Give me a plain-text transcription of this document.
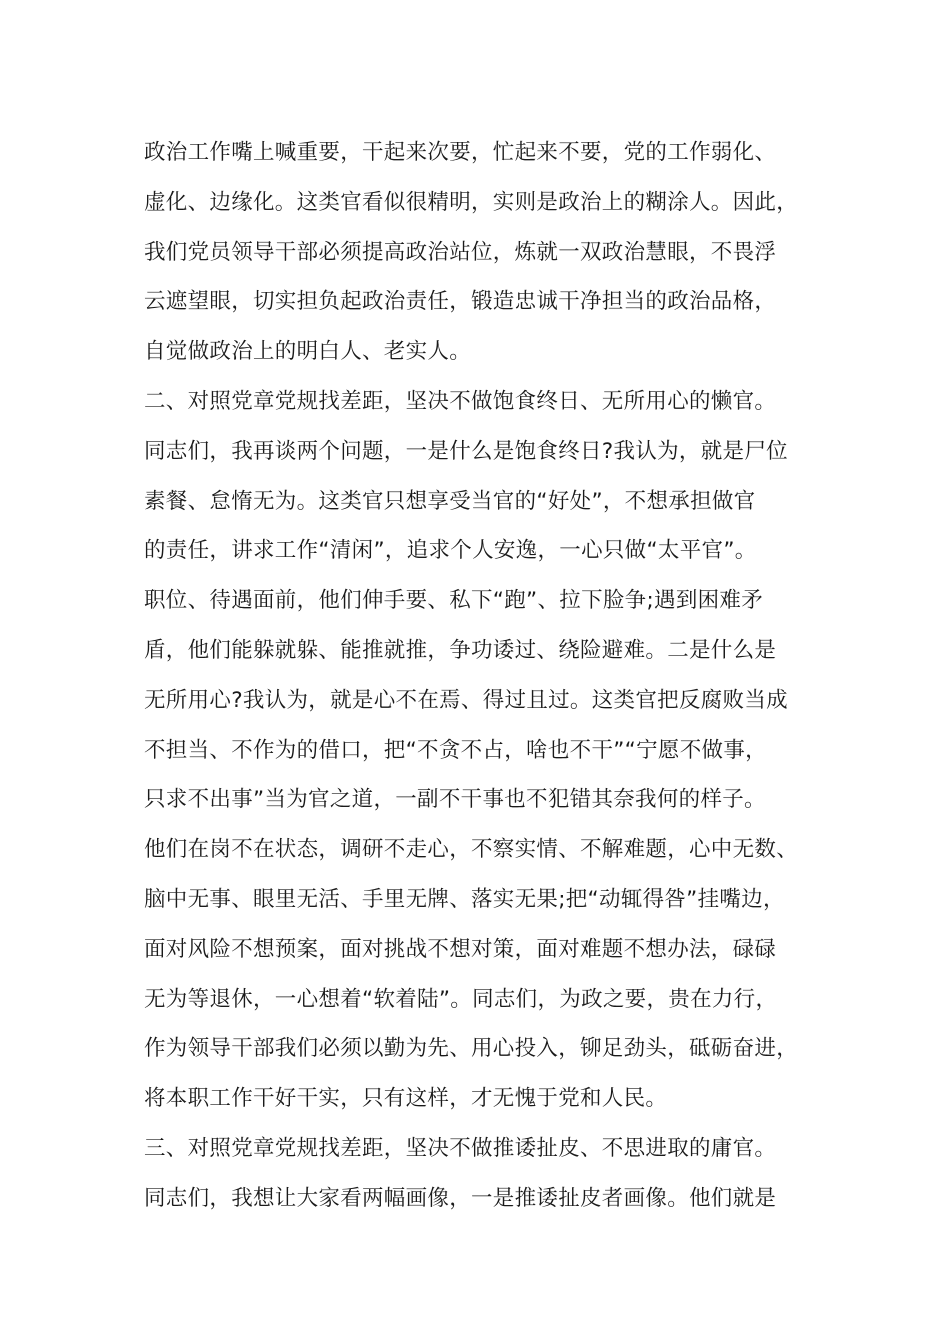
政治工作嘴上喊重要，干起来次要，忙起来不要，党的工作弱化、
虚化、边缘化。这类官看似很精明，实则是政治上的糊涂人。因此，
我们党员领导干部必须提高政治站位，炼就一双政治慧眼，不畏浮
云遮望眼，切实担负起政治责任，锻造忠诚干净担当的政治品格，
自觉做政治上的明白人、老实人。
二、对照党章党规找差距，坚决不做饱食终日、无所用心的懒官。
同志们，我再谈两个问题，一是什么是饱食终日?我认为，就是尸位
素餐、怠惰无为。这类官只想享受当官的“好处”，不想承担做官
的责任，讲求工作“清闲”，追求个人安逸，一心只做“太平官”。
职位、待遇面前，他们伸手要、私下“跑”、拉下脸争;遇到困难矛
盾，他们能躲就躲、能推就推，争功诿过、绕险避难。二是什么是
无所用心?我认为，就是心不在焉、得过且过。这类官把反腐败当成
不担当、不作为的借口，把“不贪不占，啥也不干”“宁愿不做事，
只求不出事”当为官之道，一副不干事也不犯错其奈我何的样子。
他们在岗不在状态，调研不走心，不察实情、不解难题，心中无数、
脑中无事、眼里无活、手里无牌、落实无果;把“动辄得咎”挂嘴边，
面对风险不想预案，面对挑战不想对策，面对难题不想办法，碌碌
无为等退休，一心想着“软着陆”。同志们，为政之要，贵在力行，
作为领导干部我们必须以勤为先、用心投入，铆足劲头，砥砺奋进，
将本职工作干好干实，只有这样，才无愧于党和人民。
三、对照党章党规找差距，坚决不做推诿扯皮、不思进取的庸官。
同志们，我想让大家看两幅画像，一是推诿扯皮者画像。他们就是
